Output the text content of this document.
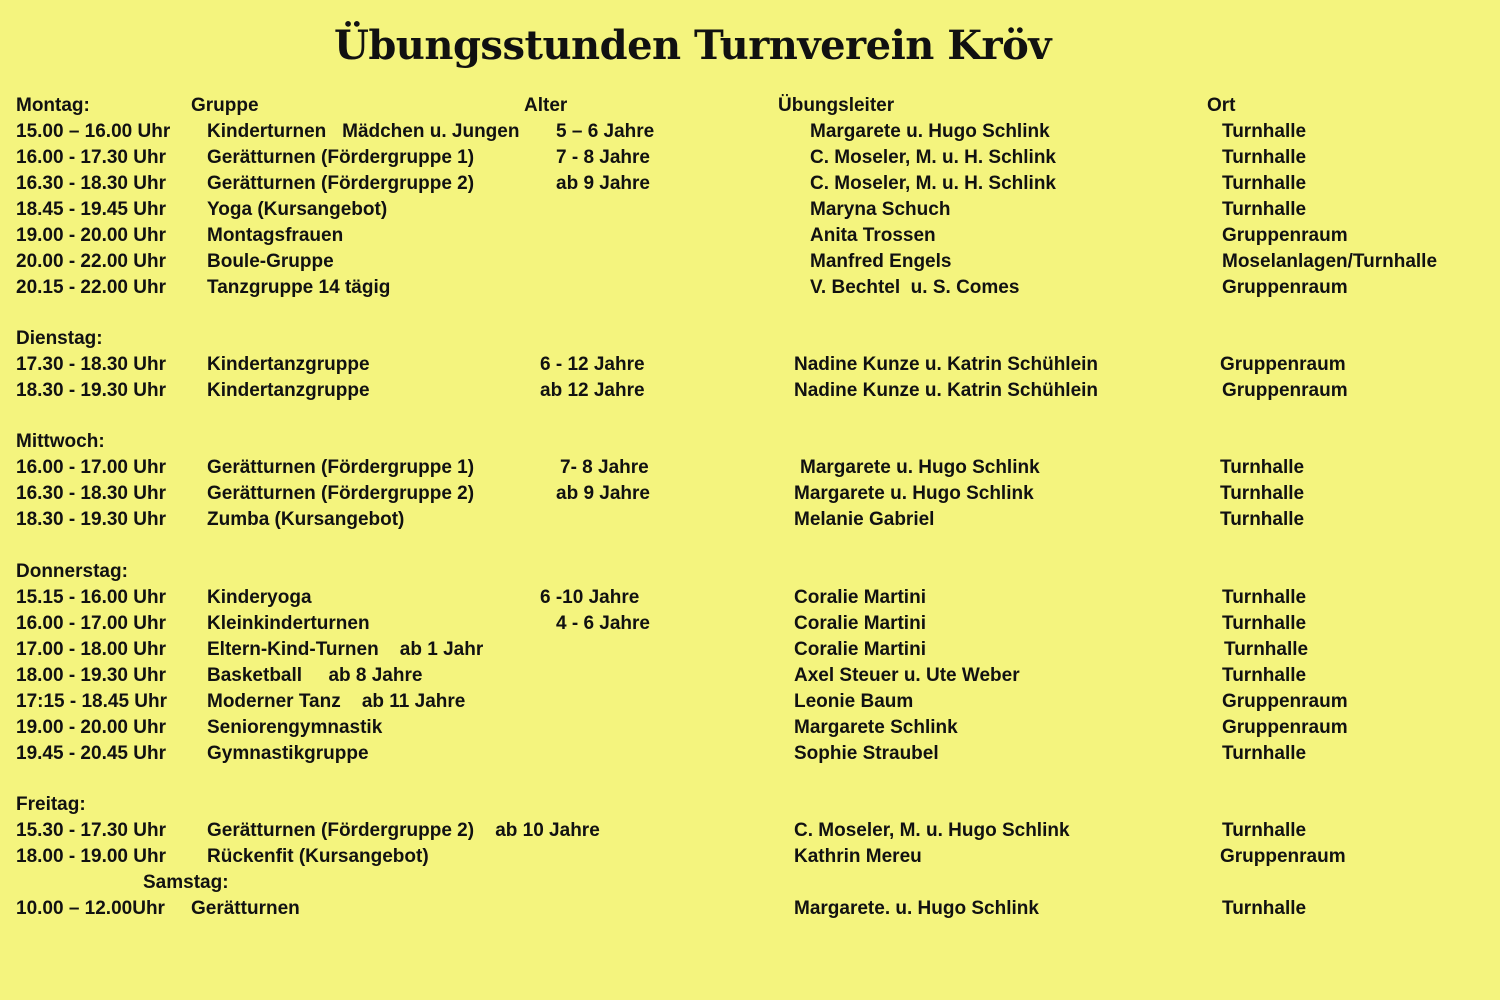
Übungsstunden Turnverein Kröv
Montag:	Gruppe	Alter	Übungsleiter	Ort
15.00 – 16.00 Uhr Kinderturnen   Mädchen u. Jungen 5 – 6 Jahre	Margarete u. Hugo Schlink	Turnhalle
16.00 - 17.30 Uhr Gerätturnen (Fördergruppe 1)	7 - 8 Jahre	C. Moseler, M. u. H. Schlink	Turnhalle
16.30 - 18.30 Uhr Gerätturnen (Fördergruppe 2)	ab 9 Jahre	C. Moseler, M. u. H. Schlink	Turnhalle
18.45 - 19.45 Uhr Yoga (Kursangebot)	Maryna Schuch	Turnhalle
19.00 - 20.00 Uhr Montagsfrauen	Anita Trossen	Gruppenraum
20.00 - 22.00 Uhr Boule-Gruppe	Manfred Engels	Moselanlagen/Turnhalle
20.15 - 22.00 Uhr Tanzgruppe 14 tägig	V. Bechtel  u. S. Comes	Gruppenraum
Dienstag:
17.30 - 18.30 Uhr Kindertanzgruppe	6 - 12 Jahre	Nadine Kunze u. Katrin Schühlein	Gruppenraum
18.30 - 19.30 Uhr Kindertanzgruppe	ab 12 Jahre	Nadine Kunze u. Katrin Schühlein	Gruppenraum
Mittwoch:
16.00 - 17.00 Uhr Gerätturnen (Fördergruppe 1)	7- 8 Jahre	Margarete u. Hugo Schlink	Turnhalle
16.30 - 18.30 Uhr Gerätturnen (Fördergruppe 2)	ab 9 Jahre	Margarete u. Hugo Schlink	Turnhalle
18.30 - 19.30 Uhr Zumba (Kursangebot)	Melanie Gabriel	Turnhalle
Donnerstag:
15.15 - 16.00 Uhr Kinderyoga	6 -10 Jahre	Coralie Martini	Turnhalle
16.00 - 17.00 Uhr Kleinkinderturnen	4 - 6 Jahre	Coralie Martini	Turnhalle
17.00 - 18.00 Uhr Eltern-Kind-Turnen    ab 1 Jahr	Coralie Martini	Turnhalle
18.00 - 19.30 Uhr Basketball     ab 8 Jahre	Axel Steuer u. Ute Weber	Turnhalle
17:15 - 18.45 Uhr Moderner Tanz    ab 11 Jahre	Leonie Baum	Gruppenraum
19.00 - 20.00 Uhr Seniorengymnastik	Margarete Schlink	Gruppenraum
19.45 - 20.45 Uhr Gymnastikgruppe	Sophie Straubel	Turnhalle
Freitag:
15.30 - 17.30 Uhr Gerätturnen (Fördergruppe 2)    ab 10 Jahre	C. Moseler, M. u. Hugo Schlink	Turnhalle
18.00 - 19.00 Uhr Rückenfit (Kursangebot)	Kathrin Mereu	Gruppenraum
Samstag:
10.00 – 12.00Uhr Gerätturnen	Margarete. u. Hugo Schlink	Turnhalle
